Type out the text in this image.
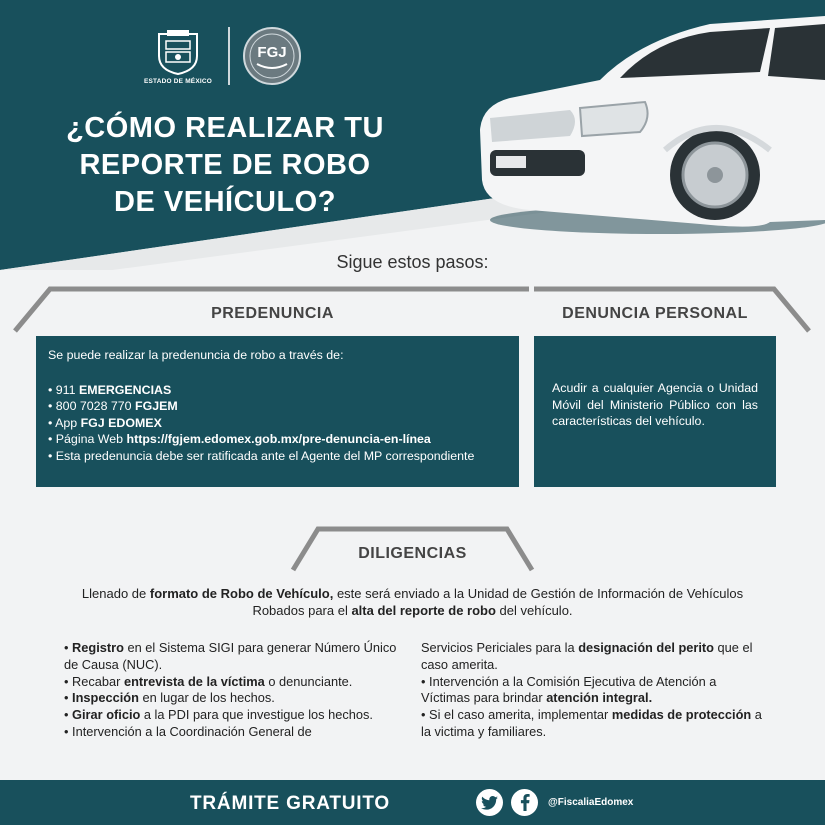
ESTADO DE MÉXICO
FGJ
¿CÓMO REALIZAR TU
REPORTE DE ROBO
DE VEHÍCULO?
Sigue estos pasos:
PREDENUNCIA	DENUNCIA PERSONAL
Se puede realizar la predenuncia de robo a través de:
• 911 EMERGENCIAS
• 800 7028 770 FGJEM
• App FGJ EDOMEX
• Página Web https://fgjem.edomex.gob.mx/pre-denuncia-en-línea
• Esta predenuncia debe ser ratificada ante el Agente del MP correspondiente
Acudir a cualquier Agencia o Unidad Móvil del Ministerio Público con las características del vehículo.
DILIGENCIAS
Llenado de formato de Robo de Vehículo, este será enviado a la Unidad de Gestión de Información de Vehículos Robados para el alta del reporte de robo del vehículo.
• Registro en el Sistema SIGI para generar Número Único de Causa (NUC).
• Recabar entrevista de la víctima o denunciante.
• Inspección en lugar de los hechos.
• Girar oficio a la PDI para que investigue los hechos.
• Intervención a la Coordinación General de
Servicios Periciales para la designación del perito que el caso amerita.
• Intervención a la Comisión Ejecutiva de Atención a Víctimas para brindar atención integral.
• Si el caso amerita, implementar medidas de protección a la victima y familiares.
TRÁMITE GRATUITO	@FiscaliaEdomex
